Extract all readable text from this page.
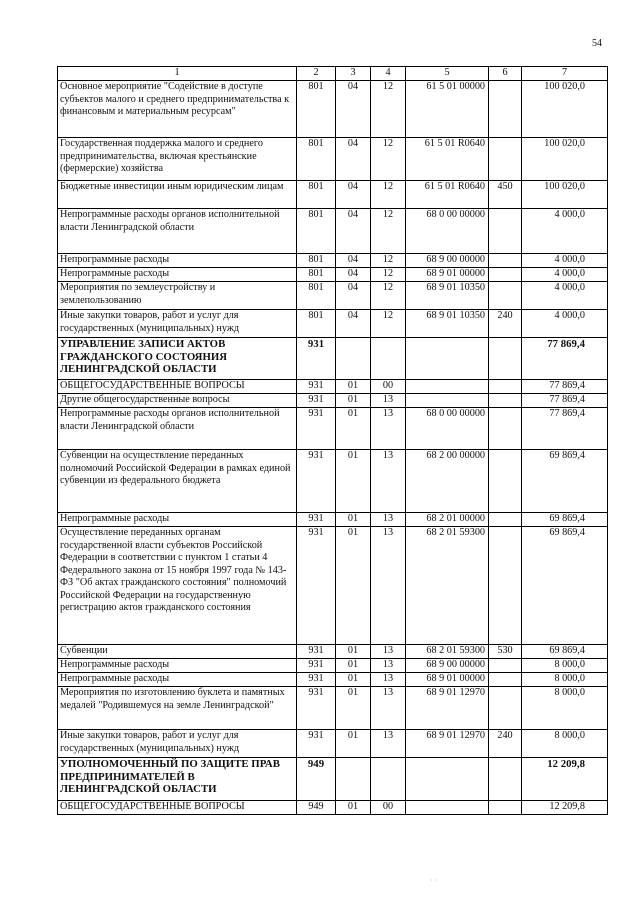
54
1	2	3	4	5	6	7
Основное мероприятие "Содействие в доступе субъектов малого и среднего предпринимательства к финансовым и материальным ресурсам"	801	04	12	61 5 01 00000		100 020,0
Государственная поддержка малого и среднего предпринимательства, включая крестьянские (фермерские) хозяйства	801	04	12	61 5 01 R0640		100 020,0
Бюджетные инвестиции иным юридическим лицам	801	04	12	61 5 01 R0640	450	100 020,0
Непрограммные расходы органов исполнительной власти Ленинградской области	801	04	12	68 0 00 00000		4 000,0
Непрограммные расходы	801	04	12	68 9 00 00000		4 000,0
Непрограммные расходы	801	04	12	68 9 01 00000		4 000,0
Мероприятия по землеустройству и землепользованию	801	04	12	68 9 01 10350		4 000,0
Иные закупки товаров, работ и услуг для государственных (муниципальных) нужд	801	04	12	68 9 01 10350	240	4 000,0
УПРАВЛЕНИЕ ЗАПИСИ АКТОВ ГРАЖДАНСКОГО СОСТОЯНИЯ ЛЕНИНГРАДСКОЙ ОБЛАСТИ	931					77 869,4
ОБЩЕГОСУДАРСТВЕННЫЕ ВОПРОСЫ	931	01	00			77 869,4
Другие общегосударственные вопросы	931	01	13			77 869,4
Непрограммные расходы органов исполнительной власти Ленинградской области	931	01	13	68 0 00 00000		77 869,4
Субвенции на осуществление переданных полномочий Российской Федерации в рамках единой субвенции из федерального бюджета	931	01	13	68 2 00 00000		69 869,4
Непрограммные расходы	931	01	13	68 2 01 00000		69 869,4
Осуществление переданных органам государственной власти субъектов Российской Федерации в соответствии с пунктом 1 статьи 4 Федерального закона от 15 ноября 1997 года № 143-ФЗ "Об актах гражданского состояния" полномочий Российской Федерации на государственную регистрацию актов гражданского состояния	931	01	13	68 2 01 59300		69 869,4
Субвенции	931	01	13	68 2 01 59300	530	69 869,4
Непрограммные расходы	931	01	13	68 9 00 00000		8 000,0
Непрограммные расходы	931	01	13	68 9 01 00000		8 000,0
Мероприятия по изготовлению буклета и памятных медалей "Родившемуся на земле Ленинградской"	931	01	13	68 9 01 12970		8 000,0
Иные закупки товаров, работ и услуг для государственных (муниципальных) нужд	931	01	13	68 9 01 12970	240	8 000,0
УПОЛНОМОЧЕННЫЙ ПО ЗАЩИТЕ ПРАВ ПРЕДПРИНИМАТЕЛЕЙ В ЛЕНИНГРАДСКОЙ ОБЛАСТИ	949					12 209,8
ОБЩЕГОСУДАРСТВЕННЫЕ ВОПРОСЫ	949	01	00			12 209,8
· ·
